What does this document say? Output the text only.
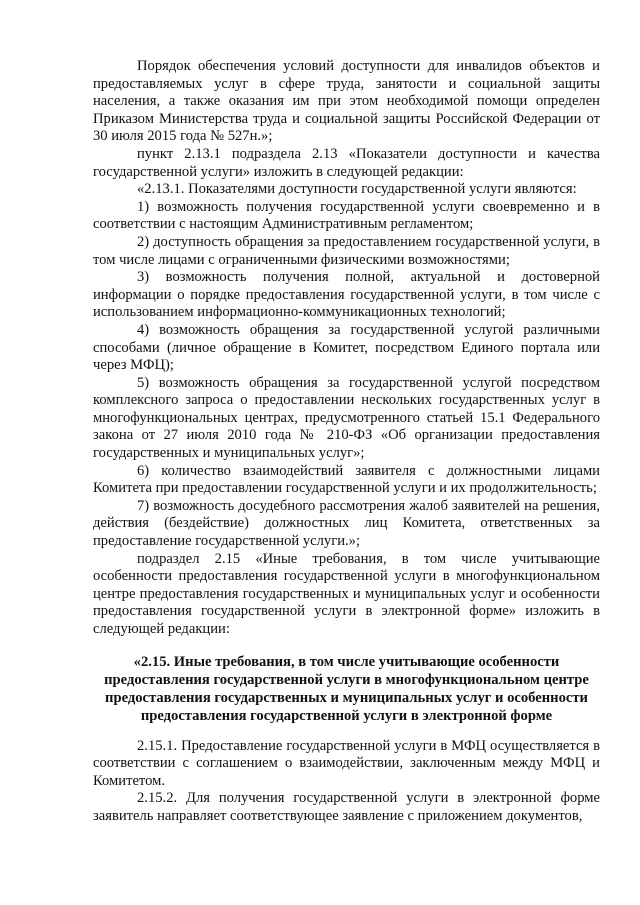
Порядок обеспечения условий доступности для инвалидов объектов и предоставляемых услуг в сфере труда, занятости и социальной защиты населения, а также оказания им при этом необходимой помощи определен Приказом Министерства труда и социальной защиты Российской Федерации от 30 июля 2015 года № 527н.»;

пункт 2.13.1 подраздела 2.13 «Показатели доступности и качества государственной услуги» изложить в следующей редакции:

«2.13.1. Показателями доступности государственной услуги являются:

1) возможность получения государственной услуги своевременно и в соответствии с настоящим Административным регламентом;

2) доступность обращения за предоставлением государственной услуги, в том числе лицами с ограниченными физическими возможностями;

3) возможность получения полной, актуальной и достоверной информации о порядке предоставления государственной услуги, в том числе с использованием информационно-коммуникационных технологий;

4) возможность обращения за государственной услугой различными способами (личное обращение в Комитет, посредством Единого портала или через МФЦ);

5) возможность обращения за государственной услугой посредством комплексного запроса о предоставлении нескольких государственных услуг в многофункциональных центрах, предусмотренного статьей 15.1 Федерального закона от 27 июля 2010 года № 210-ФЗ «Об организации предоставления государственных и муниципальных услуг»;

6) количество взаимодействий заявителя с должностными лицами Комитета при предоставлении государственной услуги и их продолжительность;

7) возможность досудебного рассмотрения жалоб заявителей на решения, действия (бездействие) должностных лиц Комитета, ответственных за предоставление государственной услуги.»;

подраздел 2.15 «Иные требования, в том числе учитывающие особенности предоставления государственной услуги в многофункциональном центре предоставления государственных и муниципальных услуг и особенности предоставления государственной услуги в электронной форме» изложить в следующей редакции:

«2.15. Иные требования, в том числе учитывающие особенности
предоставления государственной услуги в многофункциональном центре
предоставления государственных и муниципальных услуг и особенности
предоставления государственной услуги в электронной форме

2.15.1. Предоставление государственной услуги в МФЦ осуществляется в соответствии с соглашением о взаимодействии, заключенным между МФЦ и Комитетом.

2.15.2. Для получения государственной услуги в электронной форме заявитель направляет соответствующее заявление с приложением документов,
